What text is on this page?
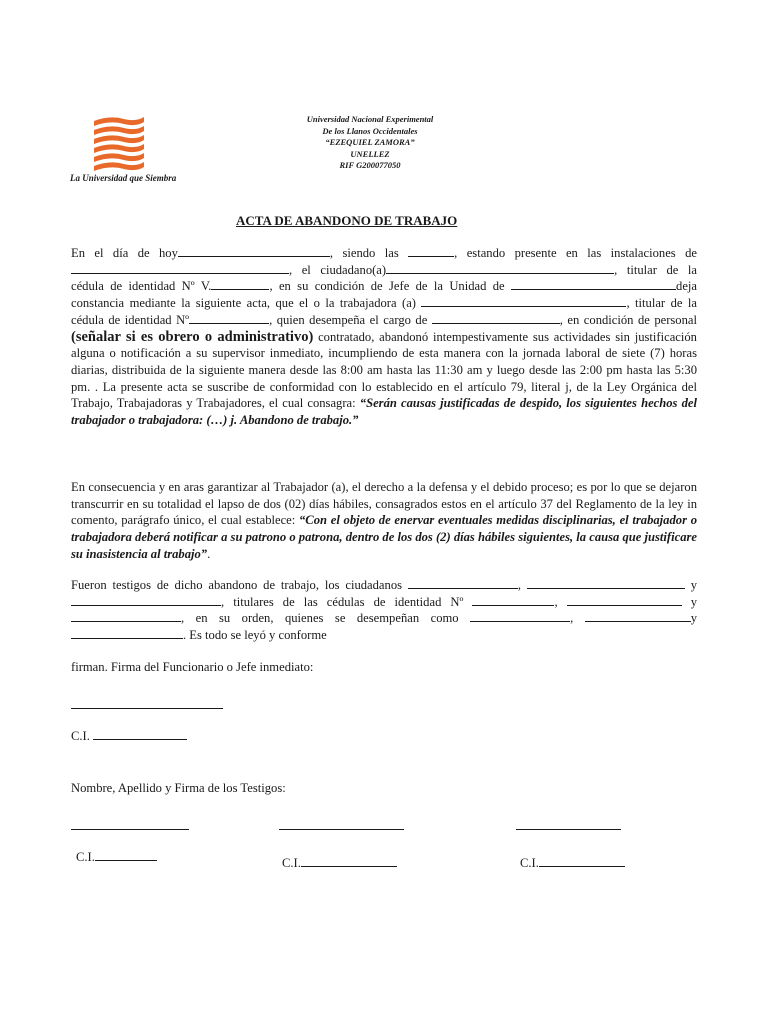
La Universidad que Siembra
Universidad Nacional Experimental
De los Llanos Occidentales
“EZEQUIEL ZAMORA”
UNELLEZ
RIF G200077050
ACTA DE ABANDONO DE TRABAJO
En el día de hoy	, siendo las	, estando presente en las instalaciones de , el ciudadano(a)	, titular de la cédula de identidad Nº V.	, en su condición de Jefe de la Unidad de	deja constancia mediante la siguiente acta, que el o la trabajadora (a)	, titular de la cédula de identidad Nº	, quien desempeña el cargo de	, en condición de personal (señalar si es obrero o administrativo) contratado, abandonó intempestivamente sus actividades sin justificación alguna o notificación a su supervisor inmediato, incumpliendo de esta manera con la jornada laboral de siete (7) horas diarias, distribuida de la siguiente manera desde las 8:00 am hasta las 11:30 am y luego desde las 2:00 pm hasta las 5:30 pm. . La presente acta se suscribe de conformidad con lo establecido en el artículo 79, literal j, de la Ley Orgánica del Trabajo, Trabajadoras y Trabajadores, el cual consagra: “Serán causas justificadas de despido, los siguientes hechos del trabajador o trabajadora: (…) j. Abandono de trabajo.”
En consecuencia y en aras garantizar al Trabajador (a), el derecho a la defensa y el debido proceso; es por lo que se dejaron transcurrir en su totalidad el lapso de dos (02) días hábiles, consagrados estos en el artículo 37 del Reglamento de la ley in comento, parágrafo único, el cual establece: “Con el objeto de enervar eventuales medidas disciplinarias, el trabajador o trabajadora deberá notificar a su patrono o patrona, dentro de los dos (2) días hábiles siguientes, la causa que justificare su inasistencia al trabajo”.
Fueron testigos de dicho abandono de trabajo, los ciudadanos	,	y , titulares de las cédulas de identidad Nº	,	y , en su orden, quienes se desempeñan como	,	y . Es todo se leyó y conforme
firman. Firma del Funcionario o Jefe inmediato:
C.I.
Nombre, Apellido y Firma de los Testigos:
C.I.	C.I.	C.I.
